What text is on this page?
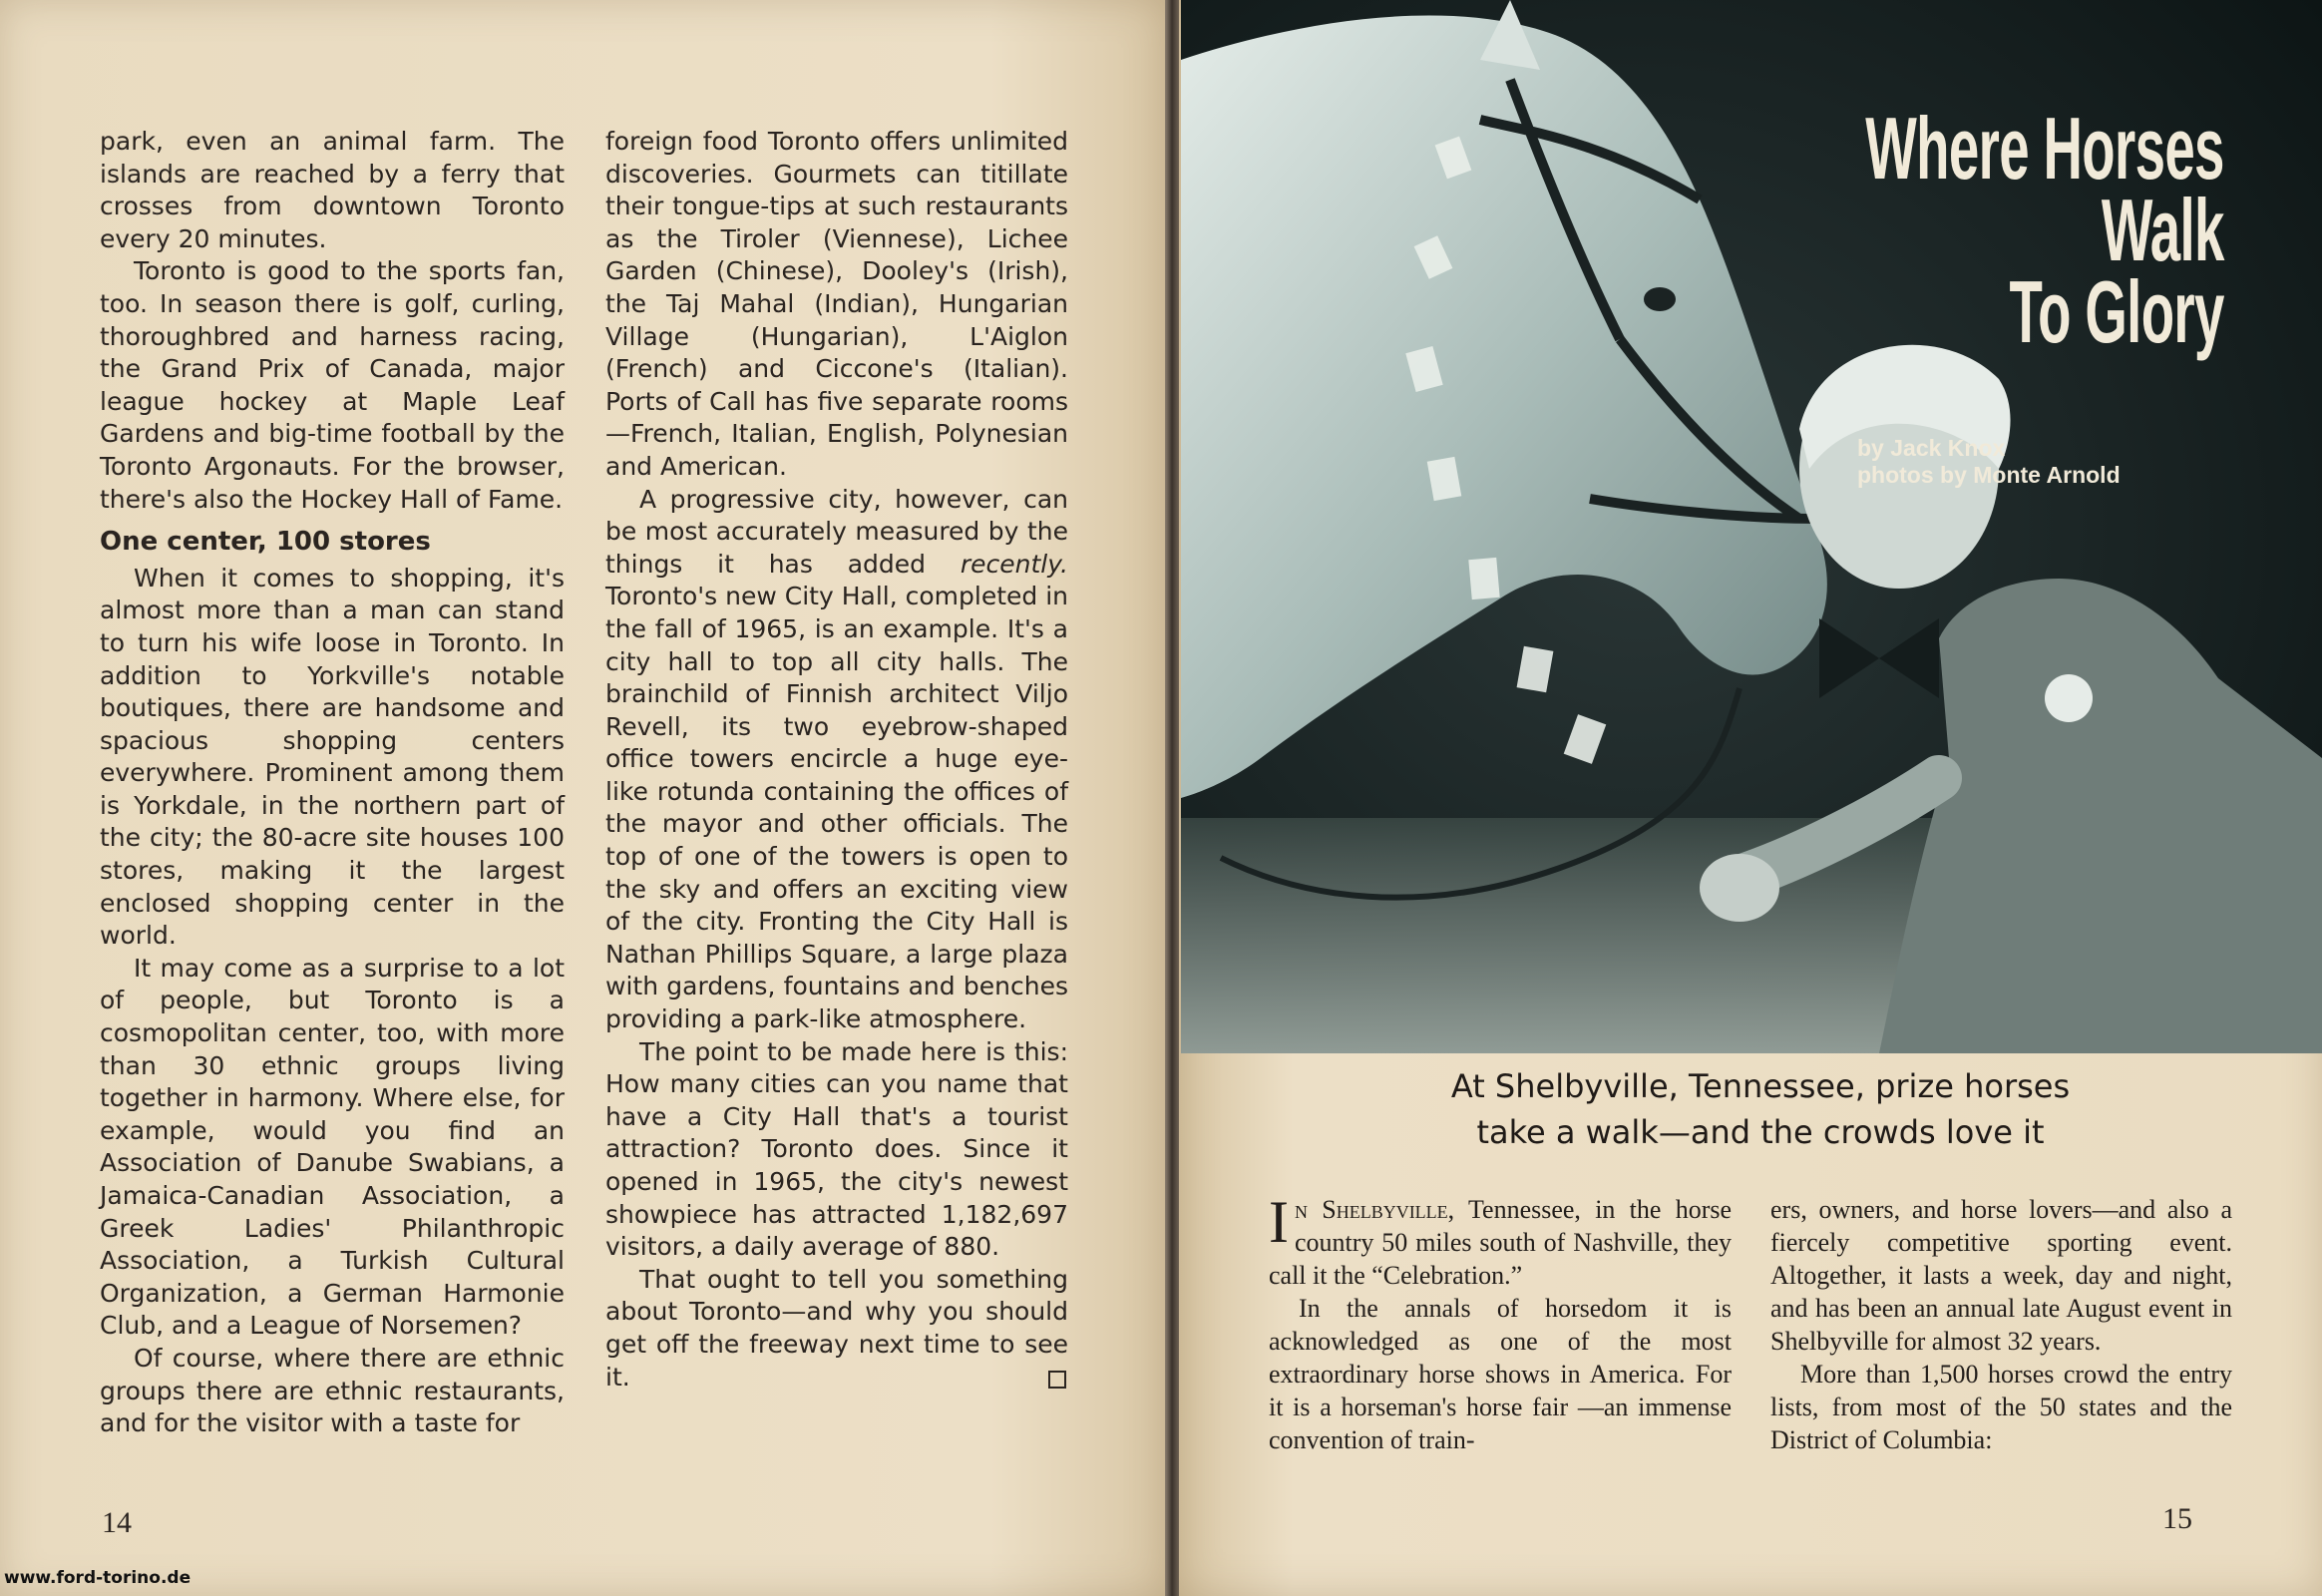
park, even an animal farm. The islands are reached by a ferry that crosses from downtown Toronto every 20 minutes.

Toronto is good to the sports fan, too. In season there is golf, curling, thoroughbred and harness racing, the Grand Prix of Canada, major league hockey at Maple Leaf Gardens and big-time football by the Toronto Argonauts. For the browser, there's also the Hockey Hall of Fame.

One center, 100 stores

When it comes to shopping, it's almost more than a man can stand to turn his wife loose in Toronto. In addition to Yorkville's notable boutiques, there are handsome and spacious shopping centers everywhere. Prominent among them is Yorkdale, in the northern part of the city; the 80-acre site houses 100 stores, making it the largest enclosed shopping center in the world.

It may come as a surprise to a lot of people, but Toronto is a cosmopolitan center, too, with more than 30 ethnic groups living together in harmony. Where else, for example, would you find an Association of Danube Swabians, a Jamaica-Canadian Association, a Greek Ladies' Philanthropic Association, a Turkish Cultural Organization, a German Harmonie Club, and a League of Norsemen?

Of course, where there are ethnic groups there are ethnic restaurants, and for the visitor with a taste for

foreign food Toronto offers unlimited discoveries. Gourmets can titillate their tongue-tips at such restaurants as the Tiroler (Viennese), Lichee Garden (Chinese), Dooley's (Irish), the Taj Mahal (Indian), Hungarian Village (Hungarian), L'Aiglon (French) and Ciccone's (Italian). Ports of Call has five separate rooms—French, Italian, English, Polynesian and American.

A progressive city, however, can be most accurately measured by the things it has added recently. Toronto's new City Hall, completed in the fall of 1965, is an example. It's a city hall to top all city halls. The brainchild of Finnish architect Viljo Revell, its two eyebrow-shaped office towers encircle a huge eye-like rotunda containing the offices of the mayor and other officials. The top of one of the towers is open to the sky and offers an exciting view of the city. Fronting the City Hall is Nathan Phillips Square, a large plaza with gardens, fountains and benches providing a park-like atmosphere.

The point to be made here is this: How many cities can you name that have a City Hall that's a tourist attraction? Toronto does. Since it opened in 1965, the city's newest showpiece has attracted 1,182,697 visitors, a daily average of 880.

That ought to tell you something about Toronto—and why you should get off the freeway next time to see it.

14
Where Horses
Walk
To Glory
by Jack Knox
photos by Monte Arnold
At Shelbyville, Tennessee, prize horses
take a walk—and the crowds love it

In Shelbyville, Tennessee, in the horse country 50 miles south of Nashville, they call it the “Celebration.”

In the annals of horsedom it is acknowledged as one of the most extraordinary horse shows in America. For it is a horseman's horse fair —an immense convention of train-

ers, owners, and horse lovers—and also a fiercely competitive sporting event. Altogether, it lasts a week, day and night, and has been an annual late August event in Shelbyville for almost 32 years.

More than 1,500 horses crowd the entry lists, from most of the 50 states and the District of Columbia:

15
www.ford-torino.de
